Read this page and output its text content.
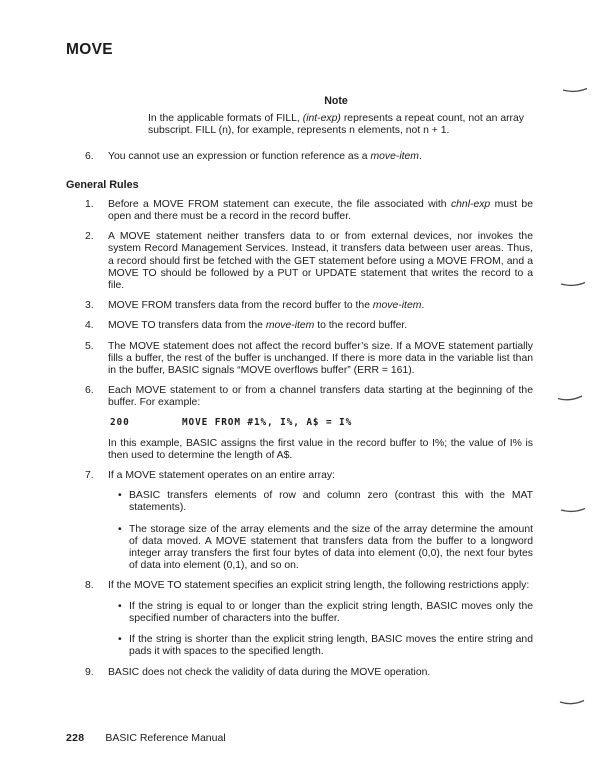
MOVE
Note

In the applicable formats of FILL, (int-exp) represents a repeat count, not an array subscript. FILL (n), for example, represents n elements, not n + 1.

6.	You cannot use an expression or function reference as a move-item.

General Rules
1.	Before a MOVE FROM statement can execute, the file associated with chnl-exp must be open and there must be a record in the record buffer.

2.	A MOVE statement neither transfers data to or from external devices, nor invokes the system Record Management Services. Instead, it transfers data between user areas. Thus, a record should first be fetched with the GET statement before using a MOVE FROM, and a MOVE TO should be followed by a PUT or UPDATE statement that writes the record to a file.

3.	MOVE FROM transfers data from the record buffer to the move-item.

4.	MOVE TO transfers data from the move-item to the record buffer.

5.	The MOVE statement does not affect the record buffer’s size. If a MOVE statement partially fills a buffer, the rest of the buffer is unchanged. If there is more data in the variable list than in the buffer, BASIC signals “MOVE overflows buffer” (ERR = 161).

6.	Each MOVE statement to or from a channel transfers data starting at the beginning of the buffer. For example:

200        MOVE FROM #1%, I%, A$ = I%

In this example, BASIC assigns the first value in the record buffer to I%; the value of I% is then used to determine the length of A$.

7.	If a MOVE statement operates on an entire array:

• BASIC transfers elements of row and column zero (contrast this with the MAT statements).

• The storage size of the array elements and the size of the array determine the amount of data moved. A MOVE statement that transfers data from the buffer to a longword integer array transfers the first four bytes of data into element (0,0), the next four bytes of data into element (0,1), and so on.

8.	If the MOVE TO statement specifies an explicit string length, the following restrictions apply:

• If the string is equal to or longer than the explicit string length, BASIC moves only the specified number of characters into the buffer.

• If the string is shorter than the explicit string length, BASIC moves the entire string and pads it with spaces to the specified length.

9.	BASIC does not check the validity of data during the MOVE operation.

228 BASIC Reference Manual
